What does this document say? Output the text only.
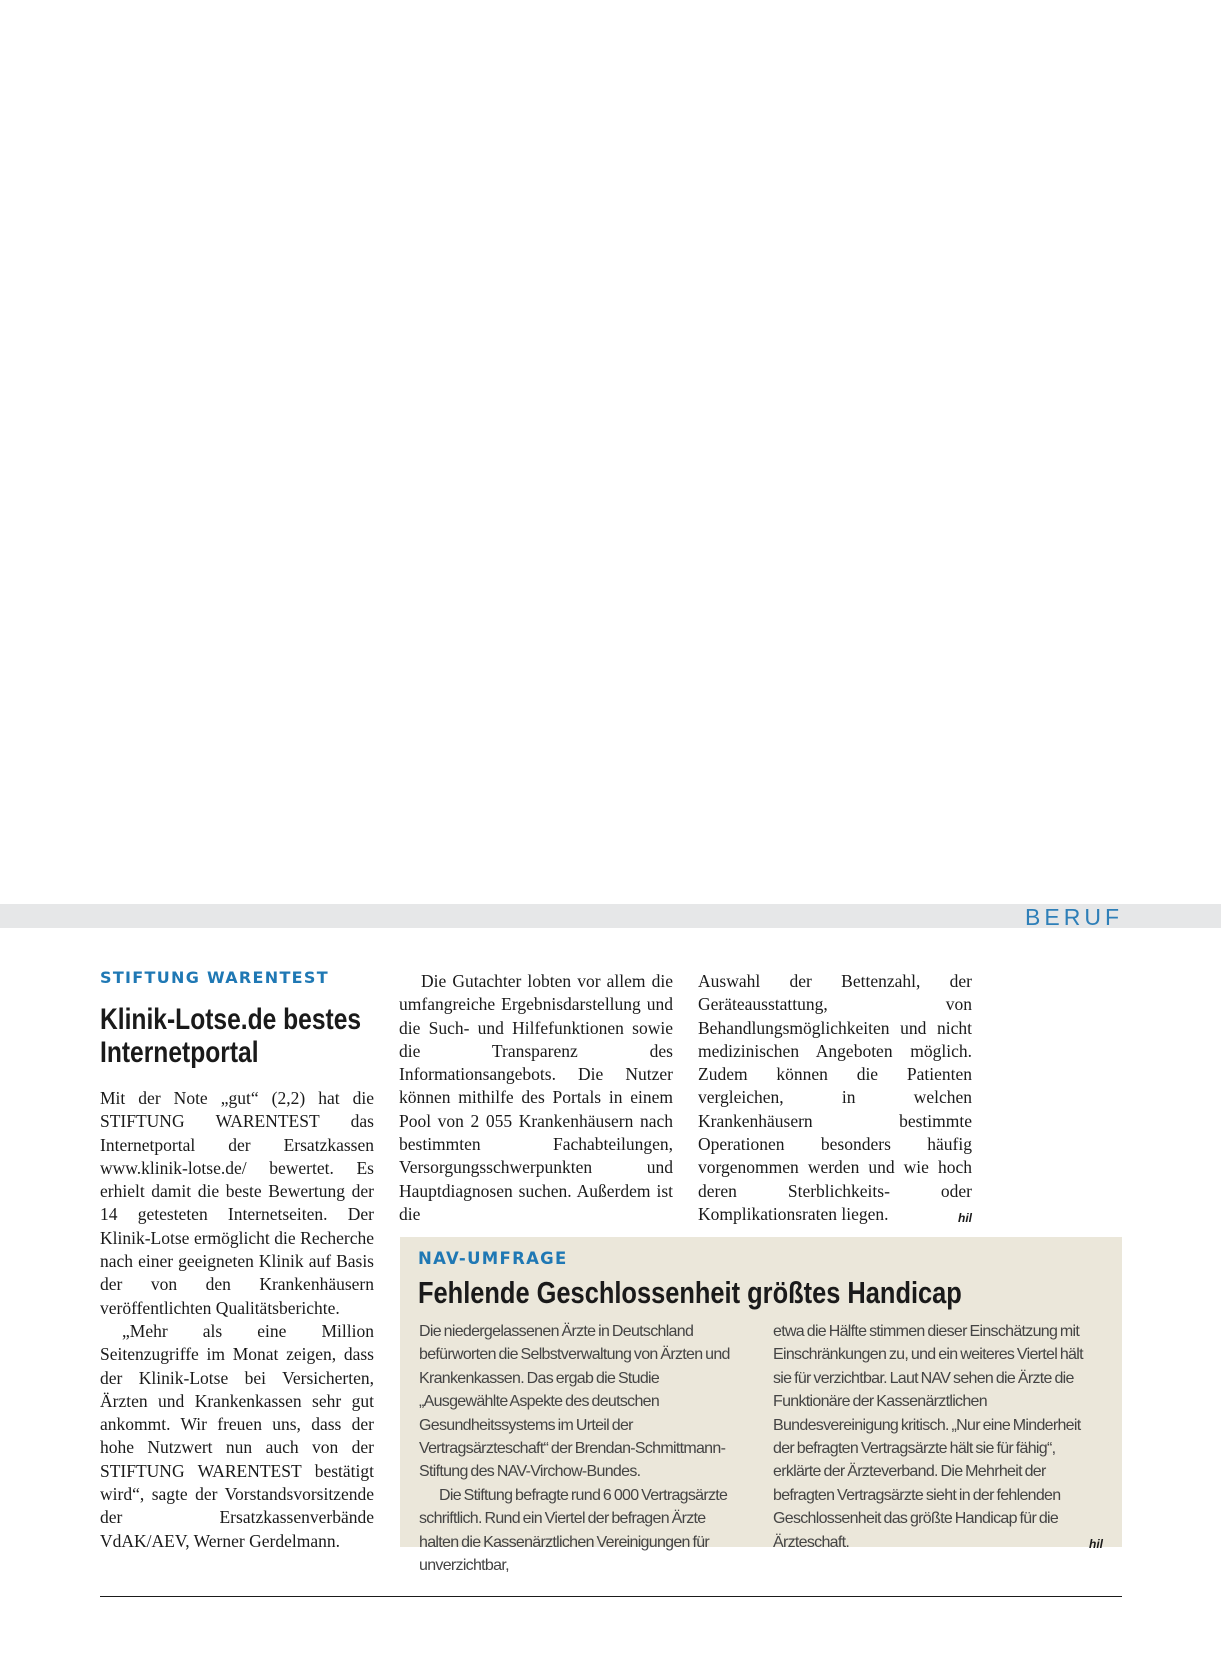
BERUF
STIFTUNG WARENTEST
Klinik-Lotse.de bestes
Internetportal

Mit der Note „gut“ (2,2) hat die STIFTUNG WARENTEST das Internetportal der Ersatzkassen www.klinik-lotse.de/ bewertet. Es erhielt damit die beste Bewertung der 14 getesteten Internetseiten. Der Klinik-Lotse ermöglicht die Recherche nach einer geeigneten Klinik auf Basis der von den Krankenhäusern veröffentlichten Qualitätsberichte.

„Mehr als eine Million Seitenzugriffe im Monat zeigen, dass der Klinik-Lotse bei Versicherten, Ärzten und Krankenkassen sehr gut ankommt. Wir freuen uns, dass der hohe Nutzwert nun auch von der STIFTUNG WARENTEST bestätigt wird“, sagte der Vorstandsvorsitzende der Ersatzkassenverbände VdAK/AEV, Werner Gerdelmann.

Die Gutachter lobten vor allem die umfangreiche Ergebnisdarstellung und die Such- und Hilfefunktionen sowie die Transparenz des Informationsangebots. Die Nutzer können mithilfe des Portals in einem Pool von 2 055 Krankenhäusern nach bestimmten Fachabteilungen, Versorgungsschwerpunkten und Hauptdiagnosen suchen. Außerdem ist die

Auswahl der Bettenzahl, der Geräteausstattung, von Behandlungsmöglichkeiten und nicht medizinischen Angeboten möglich. Zudem können die Patienten vergleichen, in welchen Krankenhäusern bestimmte Operationen besonders häufig vorgenommen werden und wie hoch deren Sterblichkeits- oder Komplikationsraten liegen.	hil

NAV-UMFRAGE
Fehlende Geschlossenheit größtes Handicap

Die niedergelassenen Ärzte in Deutschland befürworten die Selbstverwaltung von Ärzten und Krankenkassen. Das ergab die Studie „Ausgewählte Aspekte des deutschen Gesundheitssystems im Urteil der Vertragsärzteschaft“ der Brendan-Schmittmann-Stiftung des NAV-Virchow-Bundes.

Die Stiftung befragte rund 6 000 Vertragsärzte schriftlich. Rund ein Viertel der befragen Ärzte halten die Kassenärztlichen Vereinigungen für unverzichtbar,

etwa die Hälfte stimmen dieser Einschätzung mit Einschränkungen zu, und ein weiteres Viertel hält sie für verzichtbar. Laut NAV sehen die Ärzte die Funktionäre der Kassenärztlichen Bundesvereinigung kritisch. „Nur eine Minderheit der befragten Vertragsärzte hält sie für fähig“, erklärte der Ärzteverband. Die Mehrheit der befragten Vertragsärzte sieht in der fehlenden Geschlossenheit das größte Handicap für die Ärzteschaft.	hil
